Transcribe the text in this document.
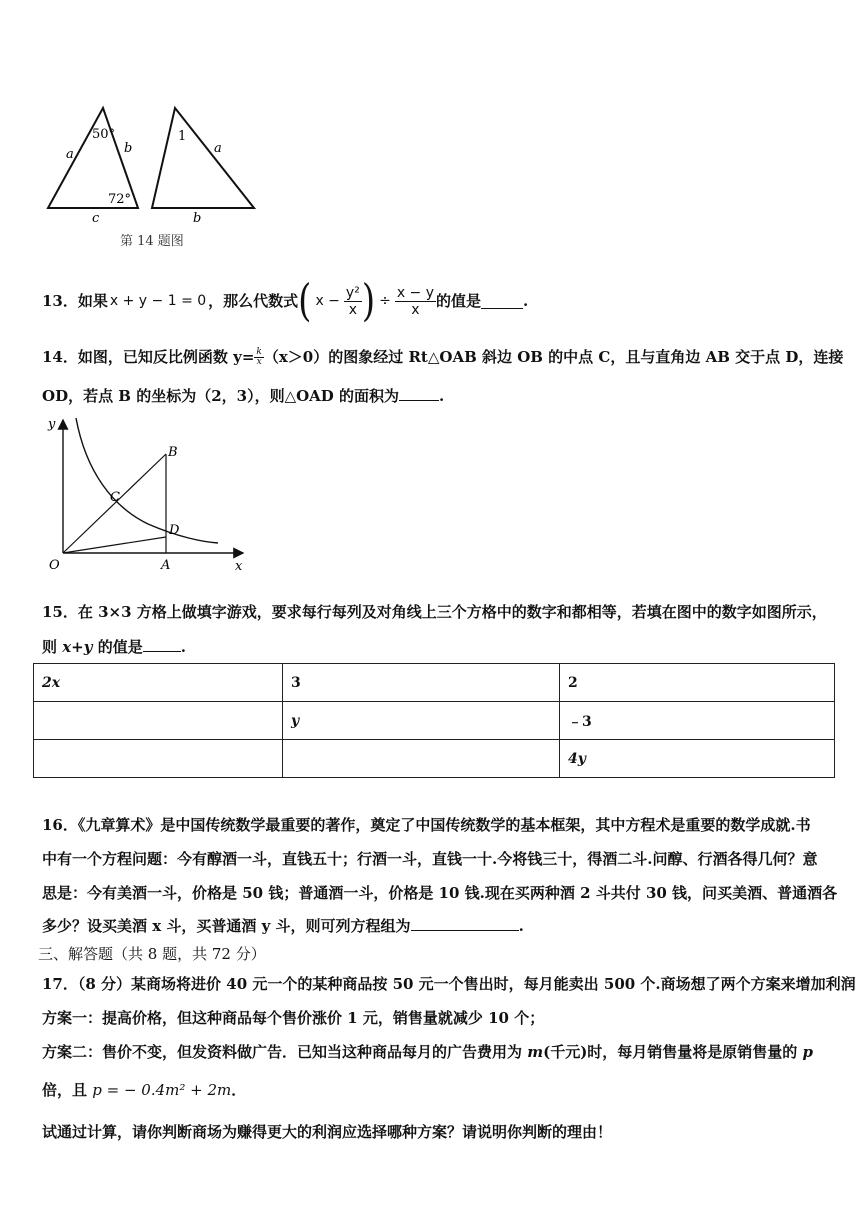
50°
72°
a	b
c
1
a
b
第 14 题图
13．如果 x + y − 1 = 0 ，那么代数式 ( $x - \frac{\text{y²}}{x}$ ) ÷ $\frac{x - y}{x}$ 的值是	.
14．如图，已知反比例函数 $y= \frac{k}{x} (x>0)$的图象经过 Rt△OAB 斜边 OB 的中点 C，且与直角边 AB 交于点 D，连接
OD，若点 B 的坐标为（2，3），则△OAD 的面积为	.
y
x
O	A
B
C
D
15．在 3×3 方格上做填字游戏，要求每行每列及对角线上三个方格中的数字和都相等，若填在图中的数字如图所示，
则 x+y 的值是	.
2x	3	2
	y	﹣3
		4y
16．《九章算术》是中国传统数学最重要的著作，奠定了中国传统数学的基本框架，其中方程术是重要的数学成就.书
中有一个方程问题：今有醇酒一斗，直钱五十；行酒一斗，直钱一十.今将钱三十，得酒二斗.问醇、行酒各得几何？意
思是：今有美酒一斗，价格是 50 钱；普通酒一斗，价格是 10 钱.现在买两种酒 2 斗共付 30 钱，问买美酒、普通酒各
多少？设买美酒 x 斗，买普通酒 y 斗，则可列方程组为	.
三、解答题（共 8 题，共 72 分）
17．（8 分）某商场将进价 40 元一个的某种商品按 50 元一个售出时，每月能卖出 500 个.商场想了两个方案来增加利润
方案一：提高价格，但这种商品每个售价涨价 1 元，销售量就减少 10 个；
方案二：售价不变，但发资料做广告．已知当这种商品每月的广告费用为 m(千元)时，每月销售量将是原销售量的 p
倍，且 p = − 0.4m² + 2m．
试通过计算，请你判断商场为赚得更大的利润应选择哪种方案？请说明你判断的理由！
